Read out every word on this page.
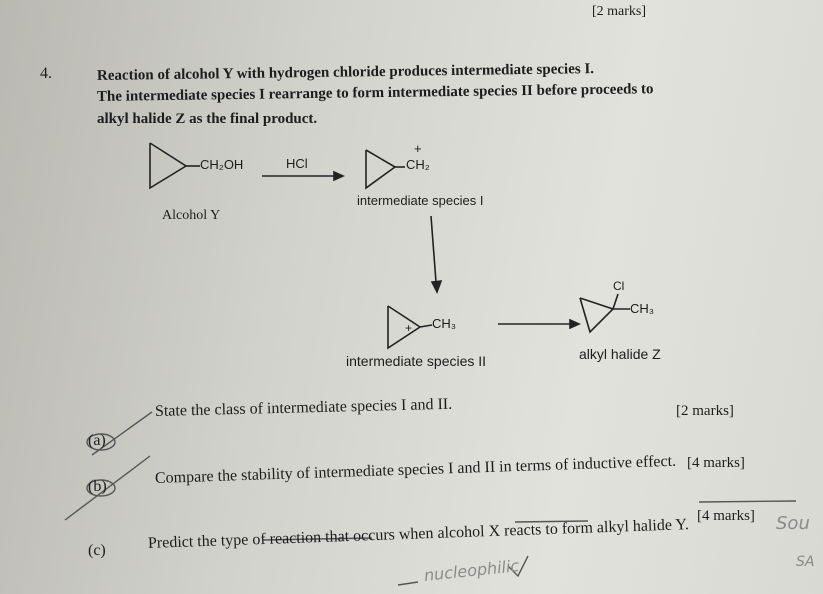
[2 marks]
4.	Reaction of alcohol Y with hydrogen chloride produces intermediate species I.
The intermediate species I rearrange to form intermediate species II before proceeds to
alkyl halide Z as the final product.
CH₂OH	HCl
+
CH₂
Alcohol Y
intermediate species I
+ CH₃
Cl
CH₃
intermediate species II	alkyl halide Z
(a)
State the class of intermediate species I and II.	[2 marks]
(b)	Compare the stability of intermediate species I and II in terms of inductive effect. [4 marks]
(c)	Predict the type of reaction that occurs when alcohol X reacts to form alkyl halide Y.
[4 marks]
nucleophilic
Sou
SA
